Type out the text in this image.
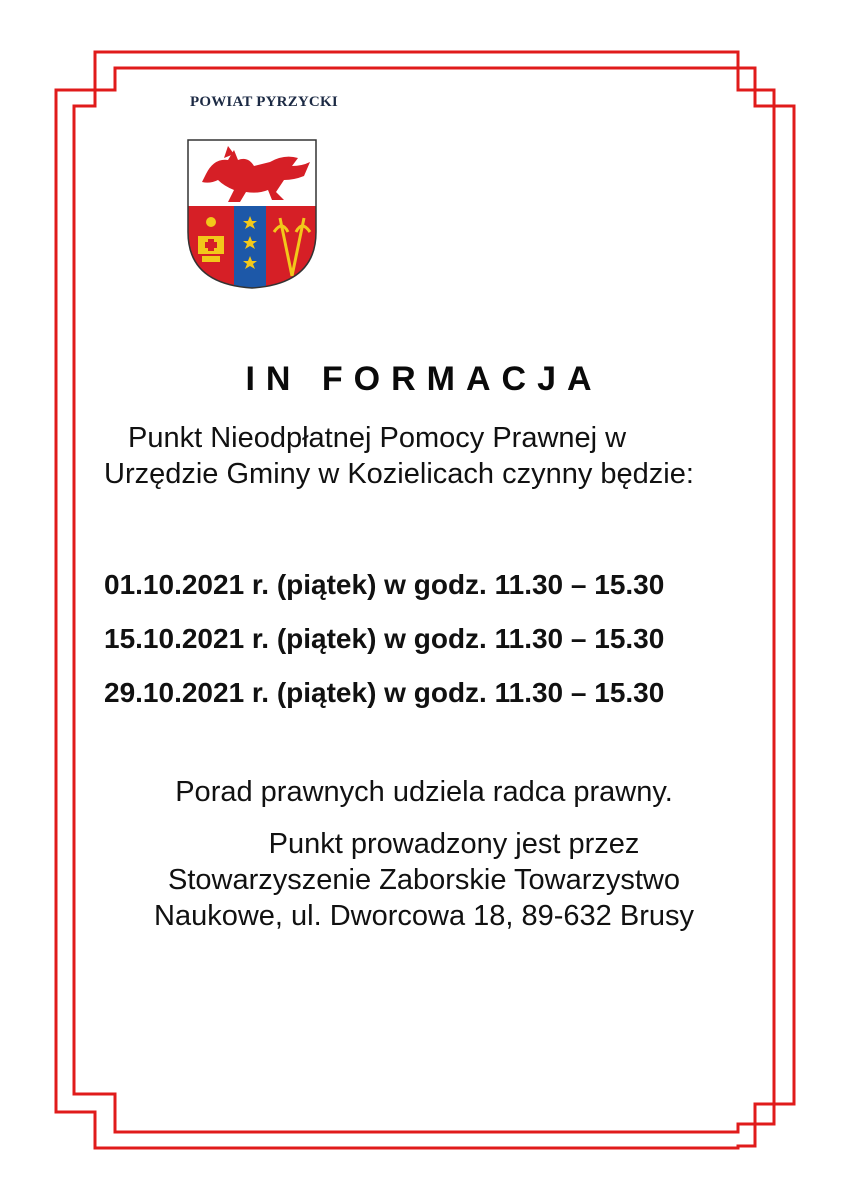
POWIAT PYRZYCKI
IN FORMACJA
Punkt Nieodpłatnej Pomocy Prawnej w
Urzędzie Gminy w Kozielicach czynny będzie:
01.10.2021 r. (piątek) w godz. 11.30 – 15.30
15.10.2021 r. (piątek) w godz. 11.30 – 15.30
29.10.2021 r. (piątek) w godz. 11.30 – 15.30
Porad prawnych udziela radca prawny.
Punkt prowadzony jest przez
Stowarzyszenie Zaborskie Towarzystwo
Naukowe, ul. Dworcowa 18, 89-632 Brusy
